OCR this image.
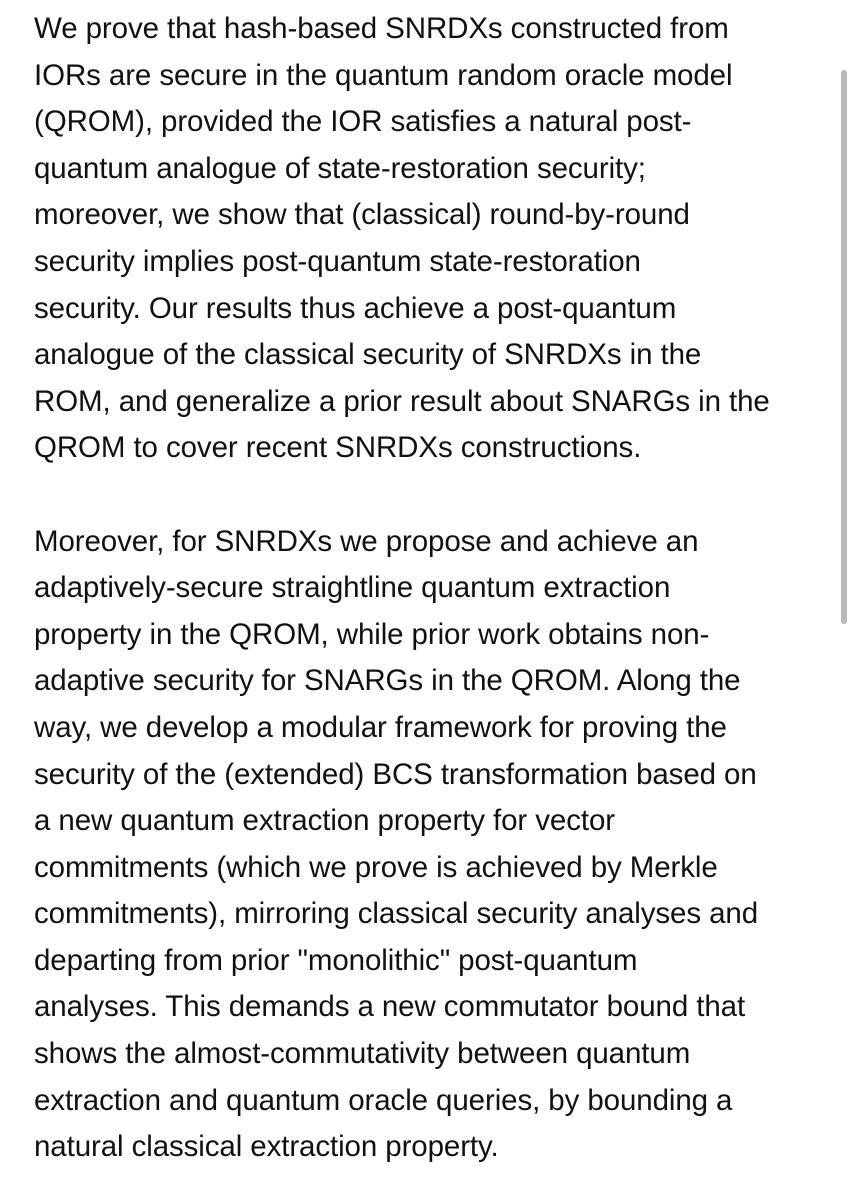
We prove that hash-based SNRDXs constructed from
IORs are secure in the quantum random oracle model
(QROM), provided the IOR satisfies a natural post-
quantum analogue of state-restoration security;
moreover, we show that (classical) round-by-round
security implies post-quantum state-restoration
security. Our results thus achieve a post-quantum
analogue of the classical security of SNRDXs in the
ROM, and generalize a prior result about SNARGs in the
QROM to cover recent SNRDXs constructions.

Moreover, for SNRDXs we propose and achieve an
adaptively-secure straightline quantum extraction
property in the QROM, while prior work obtains non-
adaptive security for SNARGs in the QROM. Along the
way, we develop a modular framework for proving the
security of the (extended) BCS transformation based on
a new quantum extraction property for vector
commitments (which we prove is achieved by Merkle
commitments), mirroring classical security analyses and
departing from prior "monolithic" post-quantum
analyses. This demands a new commutator bound that
shows the almost-commutativity between quantum
extraction and quantum oracle queries, by bounding a
natural classical extraction property.
